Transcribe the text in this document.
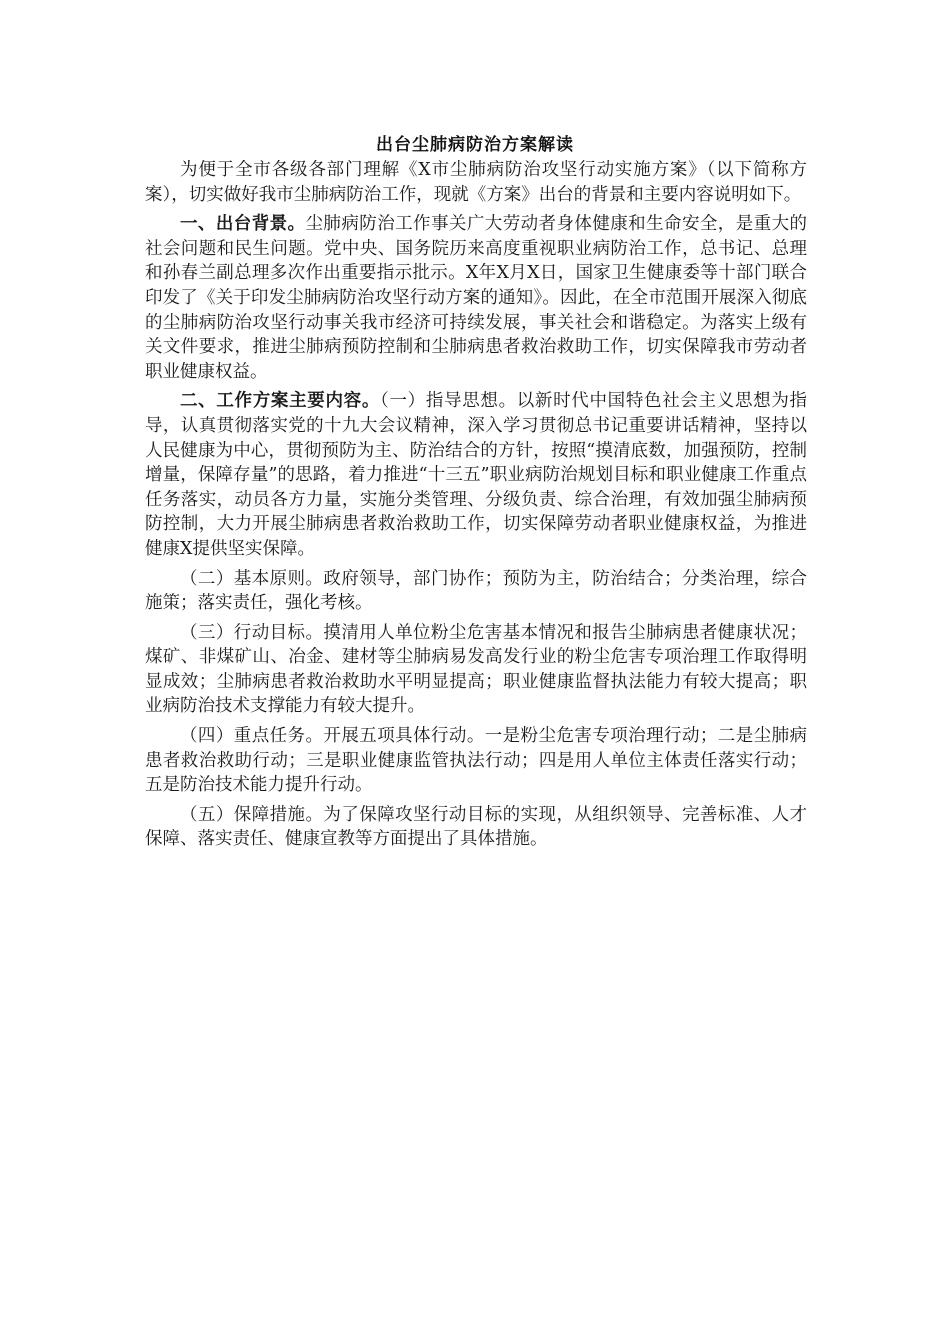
出台尘肺病防治方案解读

为便于全市各级各部门理解《X市尘肺病防治攻坚行动实施方案》（以下简称方案），切实做好我市尘肺病防治工作，现就《方案》出台的背景和主要内容说明如下。

一、出台背景。尘肺病防治工作事关广大劳动者身体健康和生命安全，是重大的社会问题和民生问题。党中央、国务院历来高度重视职业病防治工作，总书记、总理和孙春兰副总理多次作出重要指示批示。X年X月X日，国家卫生健康委等十部门联合印发了《关于印发尘肺病防治攻坚行动方案的通知》。因此，在全市范围开展深入彻底的尘肺病防治攻坚行动事关我市经济可持续发展，事关社会和谐稳定。为落实上级有关文件要求，推进尘肺病预防控制和尘肺病患者救治救助工作，切实保障我市劳动者职业健康权益。

二、工作方案主要内容。（一）指导思想。以新时代中国特色社会主义思想为指导，认真贯彻落实党的十九大会议精神，深入学习贯彻总书记重要讲话精神，坚持以人民健康为中心，贯彻预防为主、防治结合的方针，按照“摸清底数，加强预防，控制增量，保障存量”的思路，着力推进“十三五”职业病防治规划目标和职业健康工作重点任务落实，动员各方力量，实施分类管理、分级负责、综合治理，有效加强尘肺病预防控制，大力开展尘肺病患者救治救助工作，切实保障劳动者职业健康权益，为推进健康X提供坚实保障。

（二）基本原则。政府领导，部门协作；预防为主，防治结合；分类治理，综合施策；落实责任，强化考核。

（三）行动目标。摸清用人单位粉尘危害基本情况和报告尘肺病患者健康状况；煤矿、非煤矿山、冶金、建材等尘肺病易发高发行业的粉尘危害专项治理工作取得明显成效；尘肺病患者救治救助水平明显提高；职业健康监督执法能力有较大提高；职业病防治技术支撑能力有较大提升。

（四）重点任务。开展五项具体行动。一是粉尘危害专项治理行动；二是尘肺病患者救治救助行动；三是职业健康监管执法行动；四是用人单位主体责任落实行动；五是防治技术能力提升行动。

（五）保障措施。为了保障攻坚行动目标的实现，从组织领导、完善标准、人才保障、落实责任、健康宣教等方面提出了具体措施。
